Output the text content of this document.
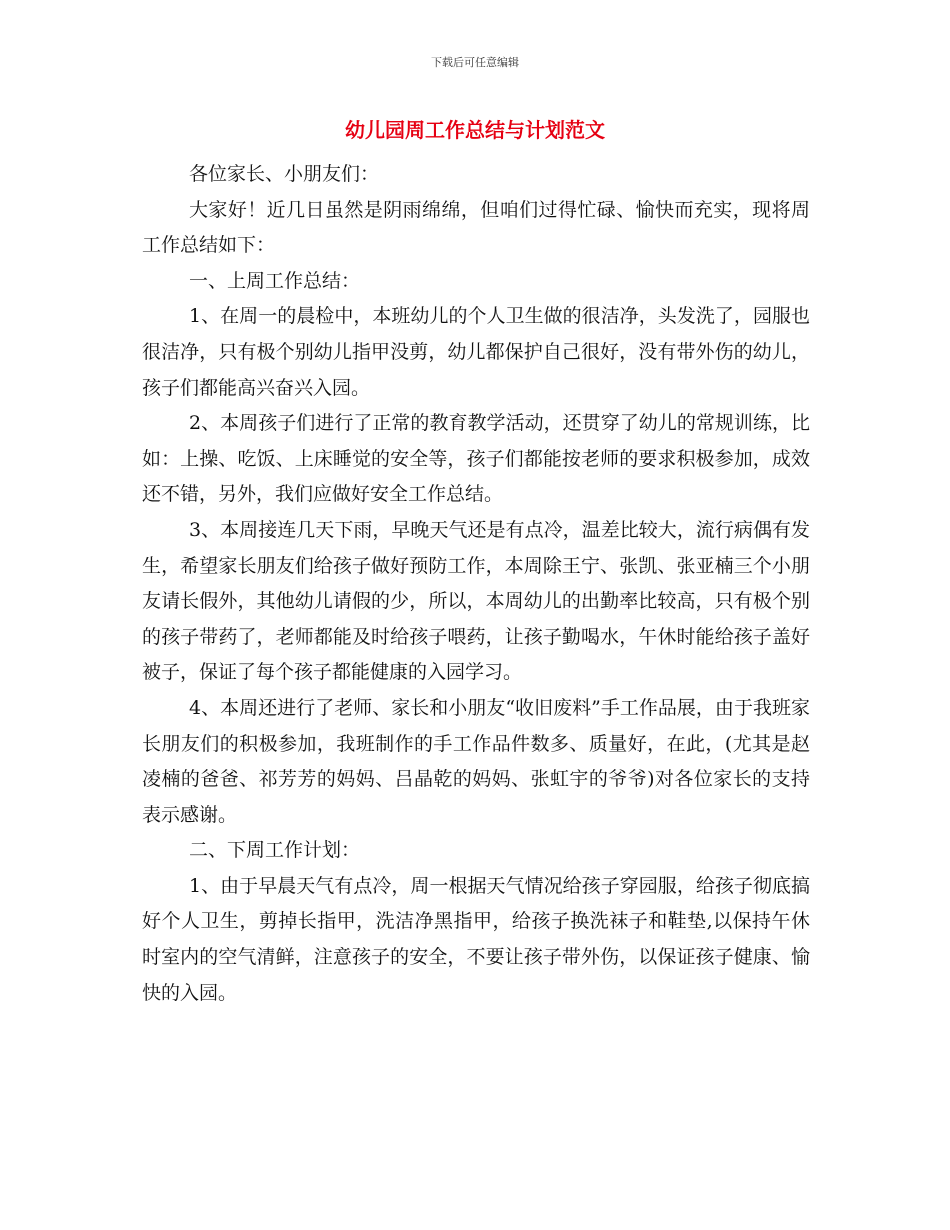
下载后可任意编辑
幼儿园周工作总结与计划范文

各位家长、小朋友们：

大家好！近几日虽然是阴雨绵绵，但咱们过得忙碌、愉快而充实，现将周工作总结如下：

一、上周工作总结：

1、在周一的晨检中，本班幼儿的个人卫生做的很洁净，头发洗了，园服也很洁净，只有极个别幼儿指甲没剪，幼儿都保护自己很好，没有带外伤的幼儿，孩子们都能高兴奋兴入园。

2、本周孩子们进行了正常的教育教学活动，还贯穿了幼儿的常规训练，比如：上操、吃饭、上床睡觉的安全等，孩子们都能按老师的要求积极参加，成效还不错，另外，我们应做好安全工作总结。

3、本周接连几天下雨，早晚天气还是有点冷，温差比较大，流行病偶有发生，希望家长朋友们给孩子做好预防工作，本周除王宁、张凯、张亚楠三个小朋友请长假外，其他幼儿请假的少，所以，本周幼儿的出勤率比较高，只有极个别的孩子带药了，老师都能及时给孩子喂药，让孩子勤喝水，午休时能给孩子盖好被子，保证了每个孩子都能健康的入园学习。

4、本周还进行了老师、家长和小朋友“收旧废料”手工作品展，由于我班家长朋友们的积极参加，我班制作的手工作品件数多、质量好，在此，(尤其是赵凌楠的爸爸、祁芳芳的妈妈、吕晶乾的妈妈、张虹宇的爷爷)对各位家长的支持表示感谢。

二、下周工作计划：

1、由于早晨天气有点冷，周一根据天气情况给孩子穿园服，给孩子彻底搞好个人卫生，剪掉长指甲，洗洁净黑指甲，给孩子换洗袜子和鞋垫,以保持午休时室内的空气清鲜，注意孩子的安全，不要让孩子带外伤，以保证孩子健康、愉快的入园。
